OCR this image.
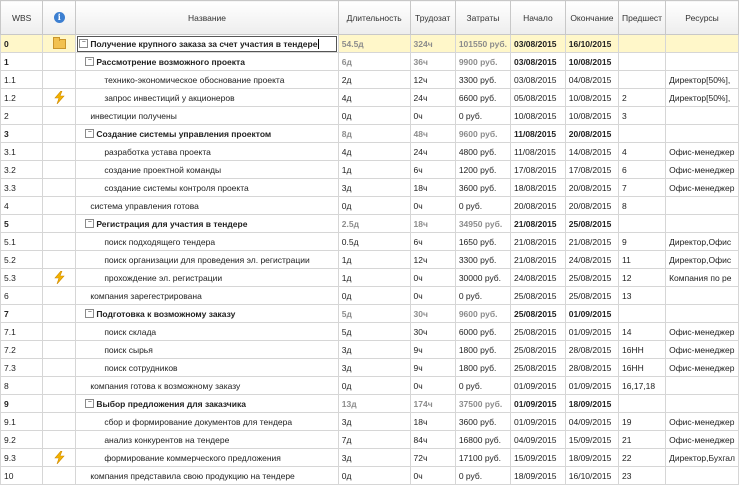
WBS	i	Название	Длительность	Трудозат	Затраты	Начало	Окончание	Предшест	Ресурсы
0		− Получение крупного заказа за счет участия в тендере	54.5д	324ч	101550 руб.	03/08/2015	16/10/2015		
1		− Рассмотрение возможного проекта	6д	36ч	9900 руб.	03/08/2015	10/08/2015		
1.1		технико-экономическое обоснование проекта	2д	12ч	3300 руб.	03/08/2015	04/08/2015		Директор[50%],
1.2		запрос инвестиций у акционеров	4д	24ч	6600 руб.	05/08/2015	10/08/2015	2	Директор[50%],
2		инвестиции получены	0д	0ч	0 руб.	10/08/2015	10/08/2015	3	
3		− Создание системы управления проектом	8д	48ч	9600 руб.	11/08/2015	20/08/2015		
3.1		разработка устава проекта	4д	24ч	4800 руб.	11/08/2015	14/08/2015	4	Офис-менеджер
3.2		создание проектной команды	1д	6ч	1200 руб.	17/08/2015	17/08/2015	6	Офис-менеджер
3.3		создание системы контроля проекта	3д	18ч	3600 руб.	18/08/2015	20/08/2015	7	Офис-менеджер
4		система управления готова	0д	0ч	0 руб.	20/08/2015	20/08/2015	8	
5		− Регистрация для участия в тендере	2.5д	18ч	34950 руб.	21/08/2015	25/08/2015		
5.1		поиск подходящего тендера	0.5д	6ч	1650 руб.	21/08/2015	21/08/2015	9	Директор,Офис
5.2		поиск организации для проведения эл. регистрации	1д	12ч	3300 руб.	21/08/2015	24/08/2015	11	Директор,Офис
5.3		прохождение эл. регистрации	1д	0ч	30000 руб.	24/08/2015	25/08/2015	12	Компания по ре
6		компания зарегестрирована	0д	0ч	0 руб.	25/08/2015	25/08/2015	13	
7		− Подготовка к возможному заказу	5д	30ч	9600 руб.	25/08/2015	01/09/2015		
7.1		поиск склада	5д	30ч	6000 руб.	25/08/2015	01/09/2015	14	Офис-менеджер
7.2		поиск сырья	3д	9ч	1800 руб.	25/08/2015	28/08/2015	16НН	Офис-менеджер
7.3		поиск сотрудников	3д	9ч	1800 руб.	25/08/2015	28/08/2015	16НН	Офис-менеджер
8		компания готова к возможному заказу	0д	0ч	0 руб.	01/09/2015	01/09/2015	16,17,18	
9		− Выбор предложения для заказчика	13д	174ч	37500 руб.	01/09/2015	18/09/2015		
9.1		сбор и формирование документов для тендера	3д	18ч	3600 руб.	01/09/2015	04/09/2015	19	Офис-менеджер
9.2		анализ конкурентов на тендере	7д	84ч	16800 руб.	04/09/2015	15/09/2015	21	Офис-менеджер
9.3		формирование коммерческого предложения	3д	72ч	17100 руб.	15/09/2015	18/09/2015	22	Директор,Бухгал
10		компания представила свою продукцию на тендере	0д	0ч	0 руб.	18/09/2015	16/10/2015	23	
